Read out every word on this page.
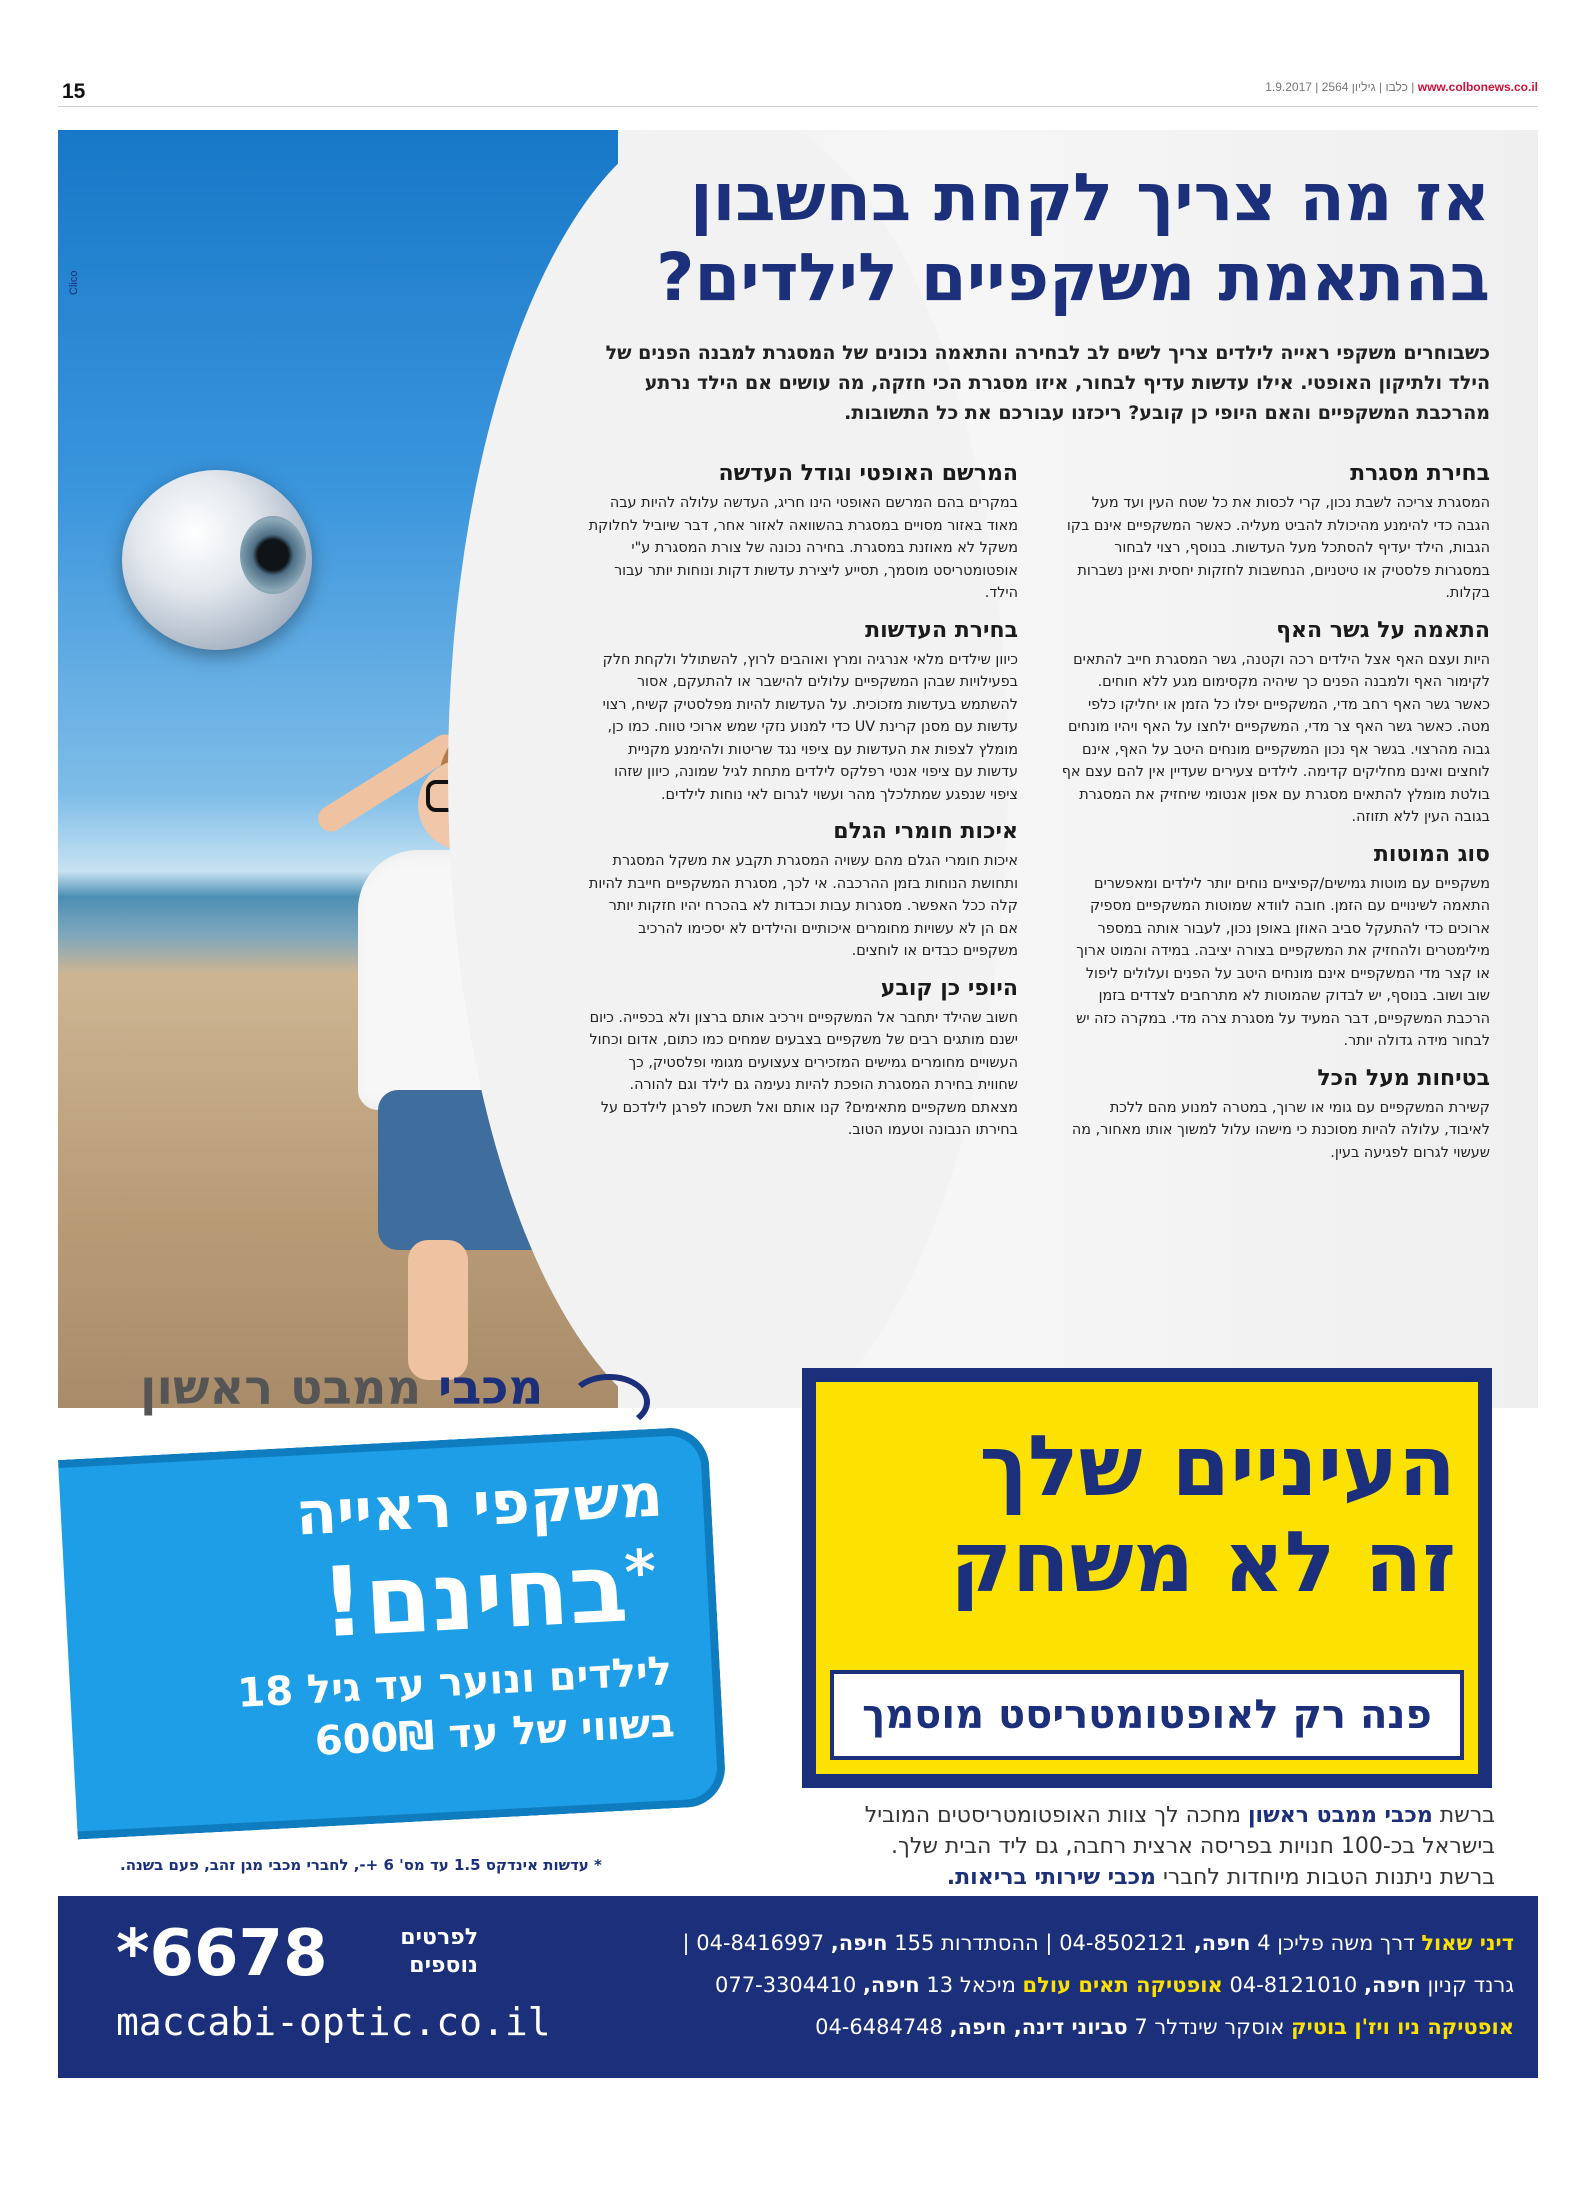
15	www.colbonews.co.il | כלבו | גיליון 2564 | 1.9.2017
Clico
אז מה צריך לקחת בחשבון
בהתאמת משקפיים לילדים?

כשבוחרים משקפי ראייה לילדים צריך לשים לב לבחירה והתאמה נכונים של המסגרת למבנה הפנים של הילד ולתיקון האופטי. אילו עדשות עדיף לבחור, איזו מסגרת הכי חזקה, מה עושים אם הילד נרתע מהרכבת המשקפיים והאם היופי כן קובע? ריכזנו עבורכם את כל התשובות.

בחירת מסגרת

המסגרת צריכה לשבת נכון, קרי לכסות את כל שטח העין ועד מעל הגבה כדי להימנע מהיכולת להביט מעליה. כאשר המשקפיים אינם בקו הגבות, הילד יעדיף להסתכל מעל העדשות. בנוסף, רצוי לבחור במסגרות פלסטיק או טיטניום, הנחשבות לחזקות יחסית ואינן נשברות בקלות.

התאמה על גשר האף

היות ועצם האף אצל הילדים רכה וקטנה, גשר המסגרת חייב להתאים לקימור האף ולמבנה הפנים כך שיהיה מקסימום מגע ללא חוחים. כאשר גשר האף רחב מדי, המשקפיים יפלו כל הזמן או יחליקו כלפי מטה. כאשר גשר האף צר מדי, המשקפיים ילחצו על האף ויהיו מונחים גבוה מהרצוי. בגשר אף נכון המשקפיים מונחים היטב על האף, אינם לוחצים ואינם מחליקים קדימה. לילדים צעירים שעדיין אין להם עצם אף בולטת מומלץ להתאים מסגרת עם אפון אנטומי שיחזיק את המסגרת בגובה העין ללא תזוזה.

סוג המוטות

משקפיים עם מוטות גמישים/קפיציים נוחים יותר לילדים ומאפשרים התאמה לשינויים עם הזמן. חובה לוודא שמוטות המשקפיים מספיק ארוכים כדי להתעקל סביב האוזן באופן נכון, לעבור אותה במספר מילימטרים ולהחזיק את המשקפיים בצורה יציבה. במידה והמוט ארוך או קצר מדי המשקפיים אינם מונחים היטב על הפנים ועלולים ליפול שוב ושוב. בנוסף, יש לבדוק שהמוטות לא מתרחבים לצדדים בזמן הרכבת המשקפיים, דבר המעיד על מסגרת צרה מדי. במקרה כזה יש לבחור מידה גדולה יותר.

בטיחות מעל הכל

קשירת המשקפיים עם גומי או שרוך, במטרה למנוע מהם ללכת לאיבוד, עלולה להיות מסוכנת כי מישהו עלול למשוך אותו מאחור, מה שעשוי לגרום לפגיעה בעין.

המרשם האופטי וגודל העדשה

במקרים בהם המרשם האופטי הינו חריג, העדשה עלולה להיות עבה מאוד באזור מסויים במסגרת בהשוואה לאזור אחר, דבר שיוביל לחלוקת משקל לא מאוזנת במסגרת. בחירה נכונה של צורת המסגרת ע"י אופטומטריסט מוסמך, תסייע ליצירת עדשות דקות ונוחות יותר עבור הילד.

בחירת העדשות

כיוון שילדים מלאי אנרגיה ומרץ ואוהבים לרוץ, להשתולל ולקחת חלק בפעילויות שבהן המשקפיים עלולים להישבר או להתעקם, אסור להשתמש בעדשות מזכוכית. על העדשות להיות מפלסטיק קשיח, רצוי עדשות עם מסנן קרינת UV כדי למנוע נזקי שמש ארוכי טווח. כמו כן, מומלץ לצפות את העדשות עם ציפוי נגד שריטות ולהימנע מקניית עדשות עם ציפוי אנטי רפלקס לילדים מתחת לגיל שמונה, כיוון שזהו ציפוי שנפגע שמתלכלך מהר ועשוי לגרום לאי נוחות לילדים.

איכות חומרי הגלם

איכות חומרי הגלם מהם עשויה המסגרת תקבע את משקל המסגרת ותחושת הנוחות בזמן ההרכבה. אי לכך, מסגרת המשקפיים חייבת להיות קלה ככל האפשר. מסגרות עבות וכבדות לא בהכרח יהיו חזקות יותר אם הן לא עשויות מחומרים איכותיים והילדים לא יסכימו להרכיב משקפיים כבדים או לוחצים.

היופי כן קובע

חשוב שהילד יתחבר אל המשקפיים וירכיב אותם ברצון ולא בכפייה. כיום ישנם מותגים רבים של משקפיים בצבעים שמחים כמו כתום, אדום וכחול העשויים מחומרים גמישים המזכירים צעצועים מגומי ופלסטיק, כך שחווית בחירת המסגרת הופכת להיות נעימה גם לילד וגם להורה. מצאתם משקפיים מתאימים? קנו אותם ואל תשכחו לפרגן לילדכם על בחירתו הנבונה וטעמו הטוב.

מכבי ממבט ראשון
העיניים שלך
זה לא משחק
פנה רק לאופטומטריסט מוסמך

ברשת מכבי ממבט ראשון מחכה לך צוות האופטומטריסטים המוביל
בישראל בכ-100 חנויות בפריסה ארצית רחבה, גם ליד הבית שלך.
ברשת ניתנות הטבות מיוחדות לחברי מכבי שירותי בריאות.

משקפי ראייה

בחינם!

*

לילדים ונוער עד גיל 18

בשווי של עד 600₪

* עדשות אינדקס 1.5 עד מס' 6 +-, לחברי מכבי מגן זהב, פעם בשנה.
*6678	לפרטים נוספים
maccabi-optic.co.il
דיני שאול דרך משה פליכן 4 חיפה, 04-8502121 | ההסתדרות 155 חיפה, 04-8416997 |
גרנד קניון חיפה, 04-8121010 אופטיקה תאים עולם מיכאל 13 חיפה, 077-3304410
אופטיקה ניו ויז'ן בוטיק אוסקר שינדלר 7 סביוני דינה, חיפה, 04-6484748
